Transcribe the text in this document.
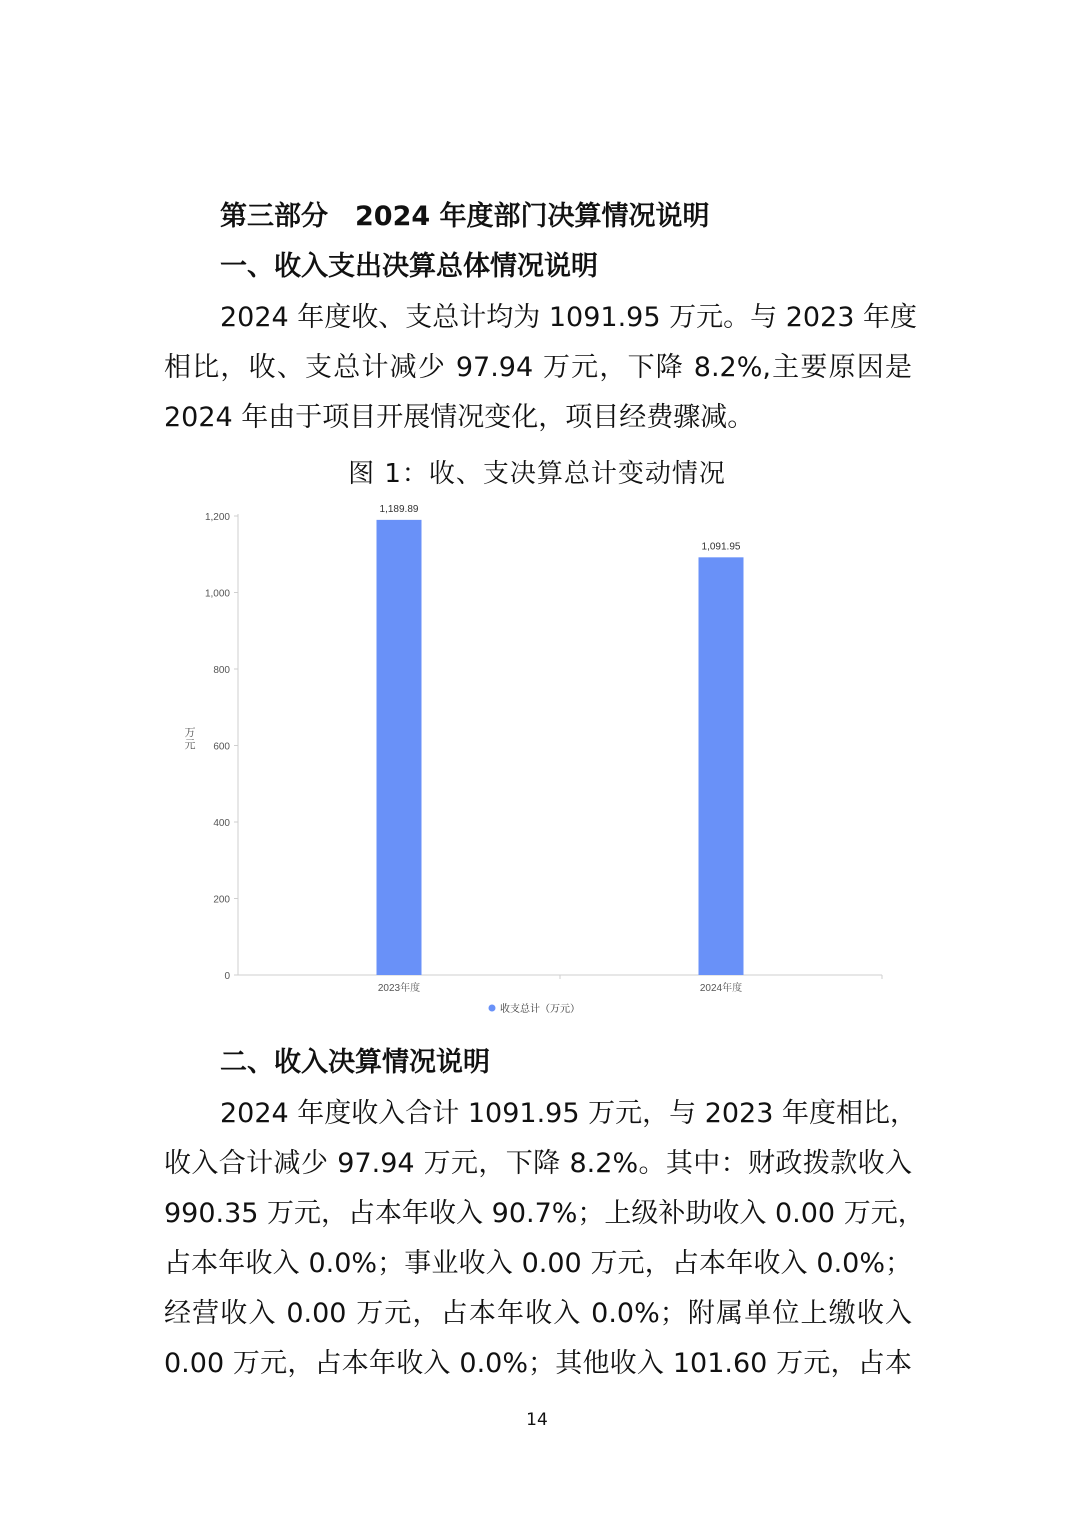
第三部分　2024 年度部门决算情况说明
一、收入支出决算总体情况说明
2024 年度收、支总计均为 1091.95 万元。与 2023 年度
相比，收、支总计减少 97.94 万元，下降 8.2%,主要原因是
2024 年由于项目开展情况变化，项目经费骤减。
图 1：收、支决算总计变动情况
0
200
400
600
800
1,000
1,200
万
元
1,189.89
2023年度
1,091.95
2024年度
收支总计（万元）
二、收入决算情况说明
2024 年度收入合计 1091.95 万元，与 2023 年度相比，
收入合计减少 97.94 万元，下降 8.2%。其中：财政拨款收入
990.35 万元，占本年收入 90.7%；上级补助收入 0.00 万元，
占本年收入 0.0%；事业收入 0.00 万元，占本年收入 0.0%；
经营收入 0.00 万元，占本年收入 0.0%；附属单位上缴收入
0.00 万元，占本年收入 0.0%；其他收入 101.60 万元，占本
14
